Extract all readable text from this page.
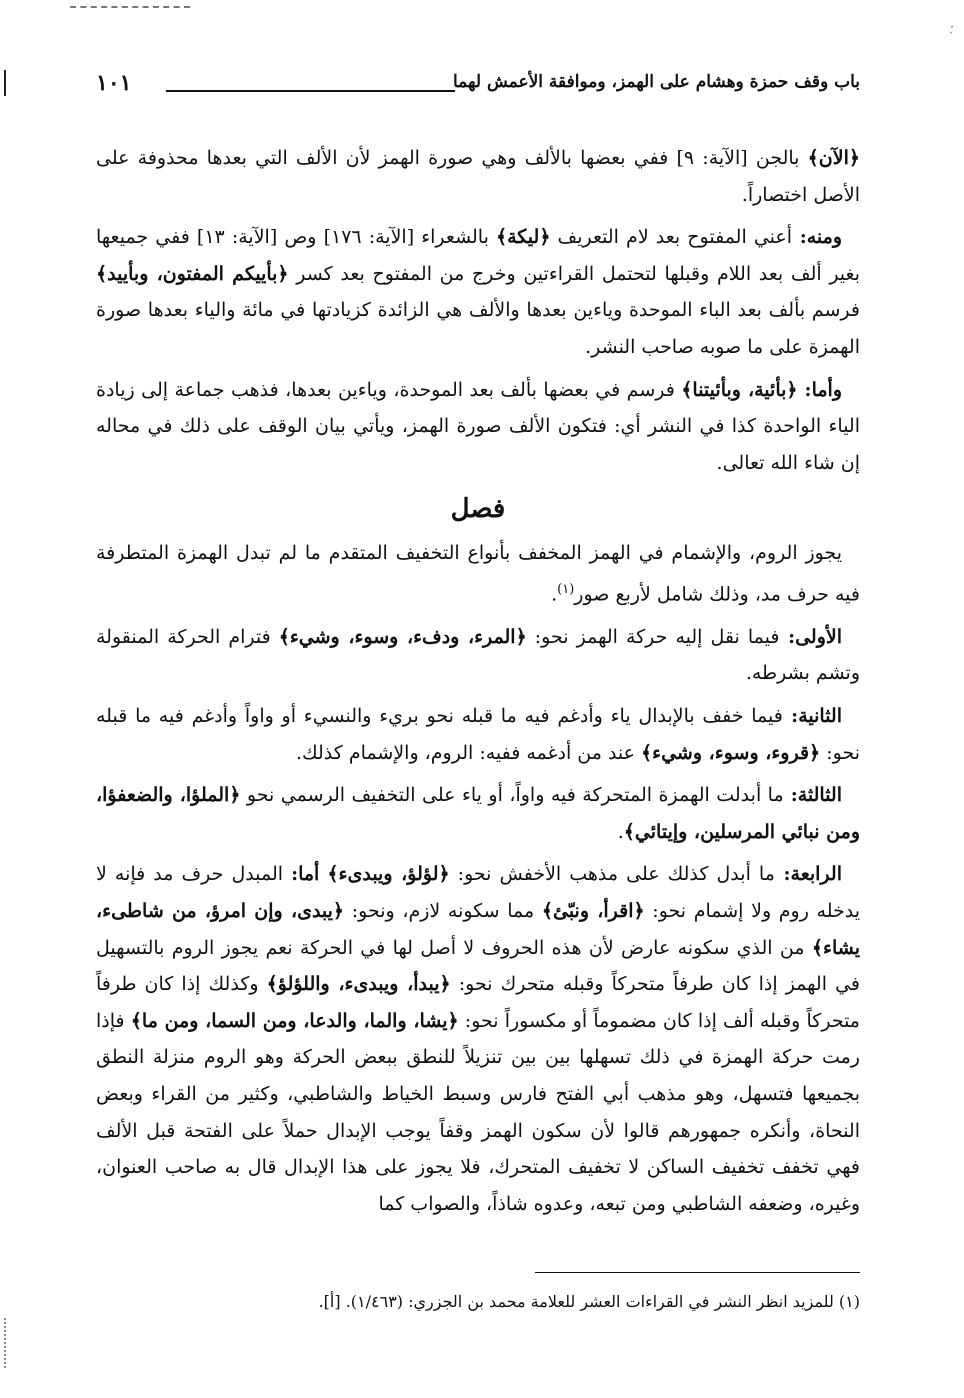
·̣
باب وقف حمزة وهشام على الهمز، وموافقة الأعمش لهما
١٠١

﴿الآن﴾ بالجن [الآية: ٩] ففي بعضها بالألف وهي صورة الهمز لأن الألف التي بعدها محذوفة على الأصل اختصاراً.

ومنه: أعني المفتوح بعد لام التعريف ﴿ليكة﴾ بالشعراء [الآية: ١٧٦] وص [الآية: ١٣] ففي جميعها بغير ألف بعد اللام وقبلها لتحتمل القراءتين وخرج من المفتوح بعد كسر ﴿بأييكم المفتون، وبأييد﴾ فرسم بألف بعد الباء الموحدة وياءين بعدها والألف هي الزائدة كزيادتها في مائة والياء بعدها صورة الهمزة على ما صوبه صاحب النشر.

وأما: ﴿بأئية، وبأئيتنا﴾ فرسم في بعضها بألف بعد الموحدة، وياءين بعدها، فذهب جماعة إلى زيادة الياء الواحدة كذا في النشر أي: فتكون الألف صورة الهمز، ويأتي بيان الوقف على ذلك في محاله إن شاء الله تعالى.

فصل

يجوز الروم، والإشمام في الهمز المخفف بأنواع التخفيف المتقدم ما لم تبدل الهمزة المتطرفة فيه حرف مد، وذلك شامل لأربع صور$^{(١)}$.

الأولى: فيما نقل إليه حركة الهمز نحو: ﴿المرء، ودفء، وسوء، وشيء﴾ فترام الحركة المنقولة وتشم بشرطه.

الثانية: فيما خفف بالإبدال ياء وأدغم فيه ما قبله نحو بريء والنسيء أو واواً وأدغم فيه ما قبله نحو: ﴿قروء، وسوء، وشيء﴾ عند من أدغمه ففيه: الروم، والإشمام كذلك.

الثالثة: ما أبدلت الهمزة المتحركة فيه واواً، أو ياء على التخفيف الرسمي نحو ﴿الملؤا، والضعفؤا، ومن نبائي المرسلين، وإيتائي﴾.

الرابعة: ما أبدل كذلك على مذهب الأخفش نحو: ﴿لؤلؤ، ويبدىء﴾ أما: المبدل حرف مد فإنه لا يدخله روم ولا إشمام نحو: ﴿اقرأ، ونبّئ﴾ مما سكونه لازم، ونحو: ﴿يبدى، وإن امرؤ، من شاطىء، يشاء﴾ من الذي سكونه عارض لأن هذه الحروف لا أصل لها في الحركة نعم يجوز الروم بالتسهيل في الهمز إذا كان طرفاً متحركاً وقبله متحرك نحو: ﴿يبدأ، ويبدىء، واللؤلؤ﴾ وكذلك إذا كان طرفاً متحركاً وقبله ألف إذا كان مضموماً أو مكسوراً نحو: ﴿يشا، والما، والدعا، ومن السما، ومن ما﴾ فإذا رمت حركة الهمزة في ذلك تسهلها بين بين تنزيلاً للنطق ببعض الحركة وهو الروم منزلة النطق بجميعها فتسهل، وهو مذهب أبي الفتح فارس وسبط الخياط والشاطبي، وكثير من القراء وبعض النحاة، وأنكره جمهورهم قالوا لأن سكون الهمز وقفاً يوجب الإبدال حملاً على الفتحة قبل الألف فهي تخفف تخفيف الساكن لا تخفيف المتحرك، فلا يجوز على هذا الإبدال قال به صاحب العنوان، وغيره، وضعفه الشاطبي ومن تبعه، وعدوه شاذاً، والصواب كما

(١) للمزيد انظر النشر في القراءات العشر للعلامة محمد بن الجزري: (١/٤٦٣). [أ].
